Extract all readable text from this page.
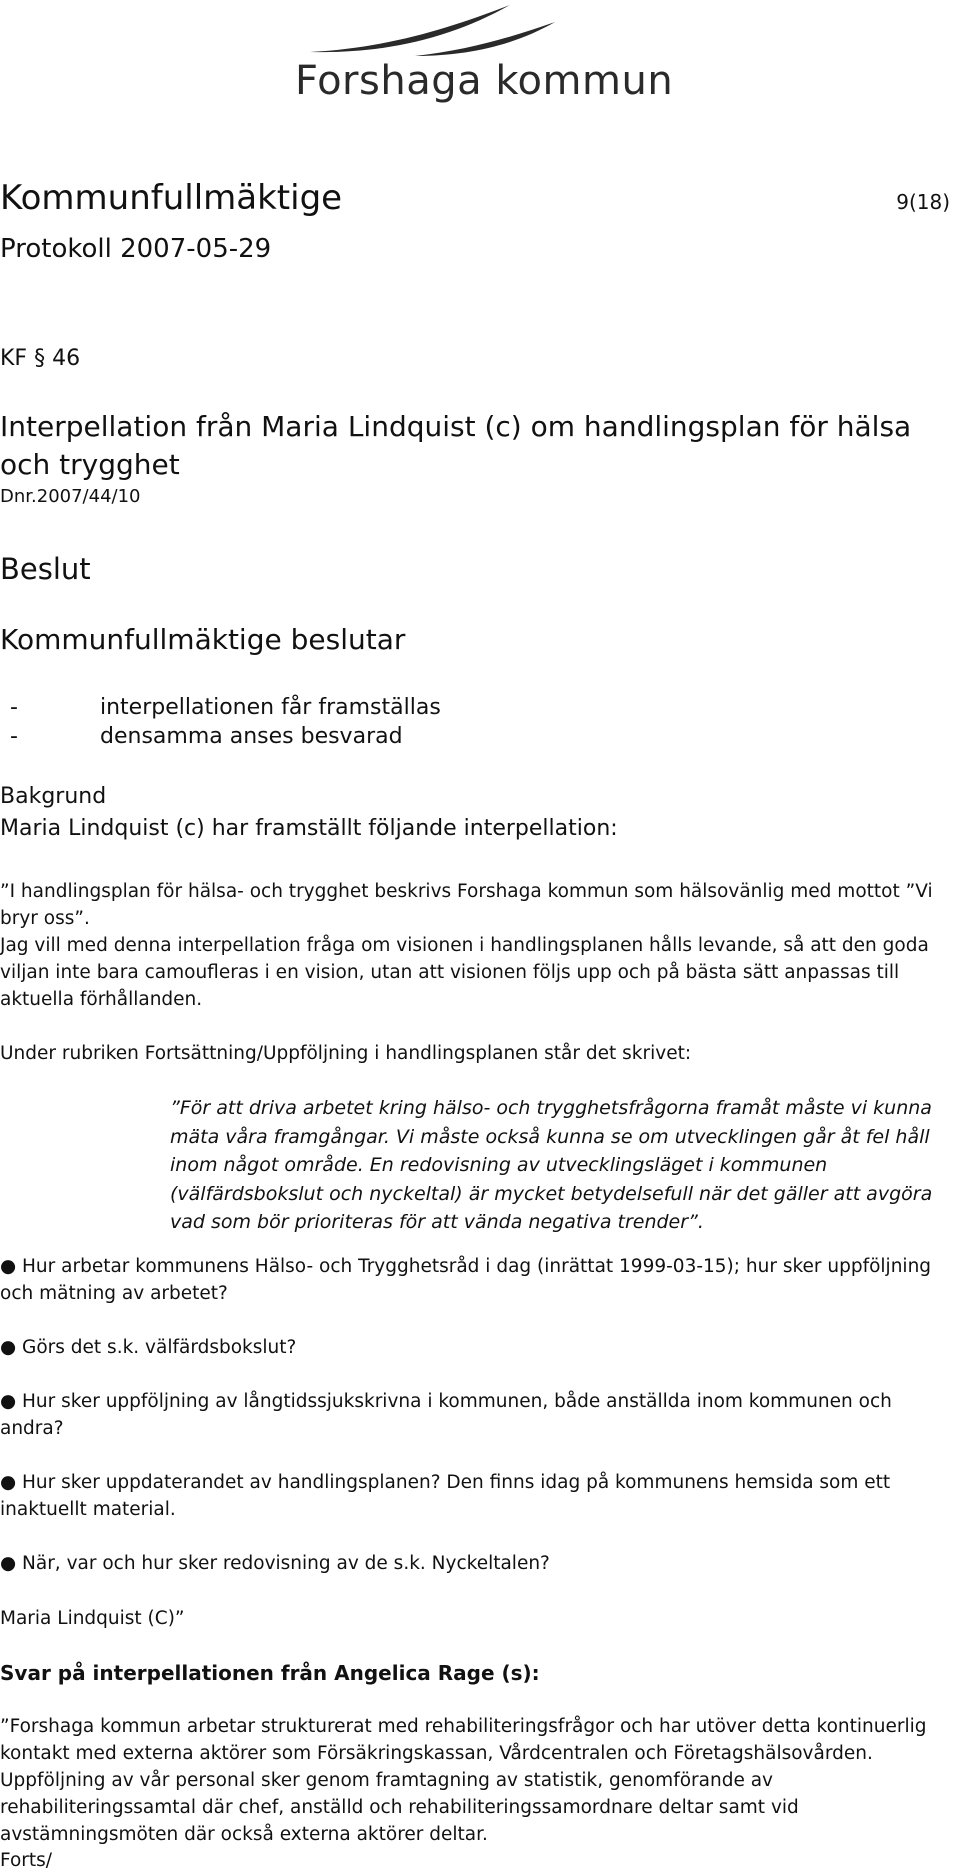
Forshaga kommun
Kommunfullmäktige	9(18)
Protokoll 2007-05-29
KF § 46
Interpellation från Maria Lindquist (c) om handlingsplan för hälsa och trygghet
Dnr.2007/44/10
Beslut
Kommunfullmäktige beslutar
-	interpellationen får framställas
-	densamma anses besvarad
Bakgrund
Maria Lindquist (c) har framställt följande interpellation:
”I handlingsplan för hälsa- och trygghet beskrivs Forshaga kommun som hälsovänlig med mottot ”Vi bryr oss”.
Jag vill med denna interpellation fråga om visionen i handlingsplanen hålls levande, så att den goda viljan inte bara camoufleras i en vision, utan att visionen följs upp och på bästa sätt anpassas till aktuella förhållanden.
Under rubriken Fortsättning/Uppföljning i handlingsplanen står det skrivet:
”För att driva arbetet kring hälso- och trygghetsfrågorna framåt måste vi kunna mäta våra framgångar. Vi måste också kunna se om utvecklingen går åt fel håll inom något område. En redovisning av utvecklingsläget i kommunen (välfärdsbokslut och nyckeltal) är mycket betydelsefull när det gäller att avgöra vad som bör prioriteras för att vända negativa trender”.
● Hur arbetar kommunens Hälso- och Trygghetsråd i dag (inrättat 1999-03-15); hur sker uppföljning och mätning av arbetet?
● Görs det s.k. välfärdsbokslut?
● Hur sker uppföljning av långtidssjukskrivna i kommunen, både anställda inom kommunen och andra?
● Hur sker uppdaterandet av handlingsplanen? Den finns idag på kommunens hemsida som ett inaktuellt material.
● När, var och hur sker redovisning av de s.k. Nyckeltalen?
Maria Lindquist (C)”
Svar på interpellationen från Angelica Rage (s):
”Forshaga kommun arbetar strukturerat med rehabiliteringsfrågor och har utöver detta kontinuerlig kontakt med externa aktörer som Försäkringskassan, Vårdcentralen och Företagshälsovården. Uppföljning av vår personal sker genom framtagning av statistik, genomförande av rehabiliteringssamtal där chef, anställd och rehabiliteringssamordnare deltar samt vid avstämningsmöten där också externa aktörer deltar.
Forts/
